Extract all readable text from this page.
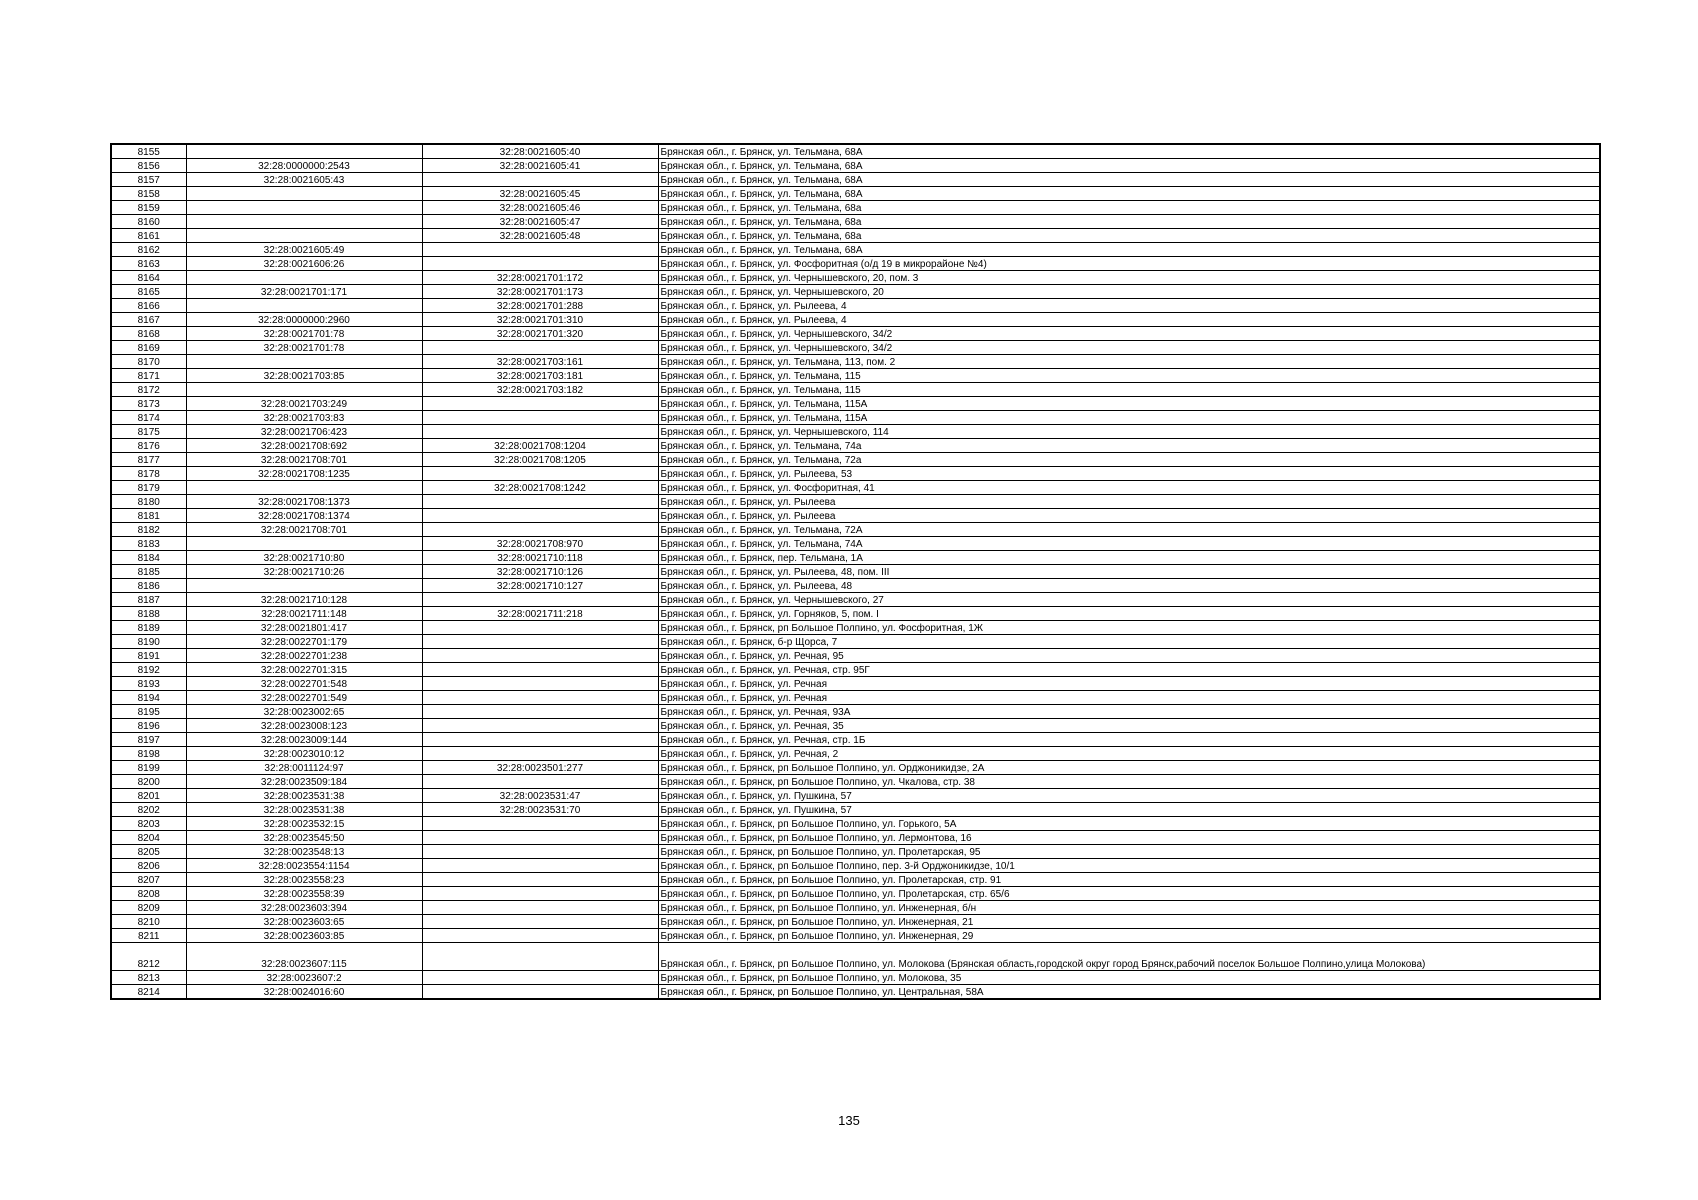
8155		32:28:0021605:40	Брянская обл., г. Брянск, ул. Тельмана, 68А
8156	32:28:0000000:2543	32:28:0021605:41	Брянская обл., г. Брянск, ул. Тельмана, 68А
8157	32:28:0021605:43		Брянская обл., г. Брянск, ул. Тельмана, 68А
8158		32:28:0021605:45	Брянская обл., г. Брянск, ул. Тельмана, 68А
8159		32:28:0021605:46	Брянская обл., г. Брянск, ул. Тельмана, 68а
8160		32:28:0021605:47	Брянская обл., г. Брянск, ул. Тельмана, 68а
8161		32:28:0021605:48	Брянская обл., г. Брянск, ул. Тельмана, 68а
8162	32:28:0021605:49		Брянская обл., г. Брянск, ул. Тельмана, 68А
8163	32:28:0021606:26		Брянская обл., г. Брянск, ул. Фосфоритная (о/д 19 в микрорайоне №4)
8164		32:28:0021701:172	Брянская обл., г. Брянск, ул. Чернышевского, 20, пом. 3
8165	32:28:0021701:171	32:28:0021701:173	Брянская обл., г. Брянск, ул. Чернышевского, 20
8166		32:28:0021701:288	Брянская обл., г. Брянск, ул. Рылеева, 4
8167	32:28:0000000:2960	32:28:0021701:310	Брянская обл., г. Брянск, ул. Рылеева, 4
8168	32:28:0021701:78	32:28:0021701:320	Брянская обл., г. Брянск, ул. Чернышевского, 34/2
8169	32:28:0021701:78		Брянская обл., г. Брянск, ул. Чернышевского, 34/2
8170		32:28:0021703:161	Брянская обл., г. Брянск, ул. Тельмана, 113, пом. 2
8171	32:28:0021703:85	32:28:0021703:181	Брянская обл., г. Брянск, ул. Тельмана, 115
8172		32:28:0021703:182	Брянская обл., г. Брянск, ул. Тельмана, 115
8173	32:28:0021703:249		Брянская обл., г. Брянск, ул. Тельмана, 115А
8174	32:28:0021703:83		Брянская обл., г. Брянск, ул. Тельмана, 115А
8175	32:28:0021706:423		Брянская обл., г. Брянск, ул. Чернышевского, 114
8176	32:28:0021708:692	32:28:0021708:1204	Брянская обл., г. Брянск, ул. Тельмана, 74а
8177	32:28:0021708:701	32:28:0021708:1205	Брянская обл., г. Брянск, ул. Тельмана, 72а
8178	32:28:0021708:1235		Брянская обл., г. Брянск, ул. Рылеева, 53
8179		32:28:0021708:1242	Брянская обл., г. Брянск, ул. Фосфоритная, 41
8180	32:28:0021708:1373		Брянская обл., г. Брянск, ул. Рылеева
8181	32:28:0021708:1374		Брянская обл., г. Брянск, ул. Рылеева
8182	32:28:0021708:701		Брянская обл., г. Брянск, ул. Тельмана, 72А
8183		32:28:0021708:970	Брянская обл., г. Брянск, ул. Тельмана, 74А
8184	32:28:0021710:80	32:28:0021710:118	Брянская обл., г. Брянск, пер. Тельмана, 1А
8185	32:28:0021710:26	32:28:0021710:126	Брянская обл., г. Брянск, ул. Рылеева, 48, пом. III
8186		32:28:0021710:127	Брянская обл., г. Брянск, ул. Рылеева, 48
8187	32:28:0021710:128		Брянская обл., г. Брянск, ул. Чернышевского, 27
8188	32:28:0021711:148	32:28:0021711:218	Брянская обл., г. Брянск, ул. Горняков, 5, пом. I
8189	32:28:0021801:417		Брянская обл., г. Брянск, рп Большое Полпино, ул. Фосфоритная, 1Ж
8190	32:28:0022701:179		Брянская обл., г. Брянск, б-р Щорса, 7
8191	32:28:0022701:238		Брянская обл., г. Брянск, ул. Речная, 95
8192	32:28:0022701:315		Брянская обл., г. Брянск, ул. Речная, стр. 95Г
8193	32:28:0022701:548		Брянская обл., г. Брянск, ул. Речная
8194	32:28:0022701:549		Брянская обл., г. Брянск, ул. Речная
8195	32:28:0023002:65		Брянская обл., г. Брянск, ул. Речная, 93А
8196	32:28:0023008:123		Брянская обл., г. Брянск, ул. Речная, 35
8197	32:28:0023009:144		Брянская обл., г. Брянск, ул. Речная, стр. 1Б
8198	32:28:0023010:12		Брянская обл., г. Брянск, ул. Речная, 2
8199	32:28:0011124:97	32:28:0023501:277	Брянская обл., г. Брянск, рп Большое Полпино, ул. Орджоникидзе, 2А
8200	32:28:0023509:184		Брянская обл., г. Брянск, рп Большое Полпино, ул. Чкалова, стр. 38
8201	32:28:0023531:38	32:28:0023531:47	Брянская обл., г. Брянск, ул. Пушкина, 57
8202	32:28:0023531:38	32:28:0023531:70	Брянская обл., г. Брянск, ул. Пушкина, 57
8203	32:28:0023532:15		Брянская обл., г. Брянск, рп Большое Полпино, ул. Горького, 5А
8204	32:28:0023545:50		Брянская обл., г. Брянск, рп Большое Полпино, ул. Лермонтова, 16
8205	32:28:0023548:13		Брянская обл., г. Брянск, рп Большое Полпино, ул. Пролетарская, 95
8206	32:28:0023554:1154		Брянская обл., г. Брянск, рп Большое Полпино, пер. 3-й Орджоникидзе, 10/1
8207	32:28:0023558:23		Брянская обл., г. Брянск, рп Большое Полпино, ул. Пролетарская, стр. 91
8208	32:28:0023558:39		Брянская обл., г. Брянск, рп Большое Полпино, ул. Пролетарская, стр. 65/6
8209	32:28:0023603:394		Брянская обл., г. Брянск, рп Большое Полпино, ул. Инженерная, б/н
8210	32:28:0023603:65		Брянская обл., г. Брянск, рп Большое Полпино, ул. Инженерная, 21
8211	32:28:0023603:85		Брянская обл., г. Брянск, рп Большое Полпино, ул. Инженерная, 29
8212	32:28:0023607:115		Брянская обл., г. Брянск, рп Большое Полпино, ул. Молокова (Брянская область,городской округ город Брянск,рабочий поселок Большое Полпино,улица Молокова)
8213	32:28:0023607:2		Брянская обл., г. Брянск, рп Большое Полпино, ул. Молокова, 35
8214	32:28:0024016:60		Брянская обл., г. Брянск, рп Большое Полпино, ул. Центральная, 58А
135
